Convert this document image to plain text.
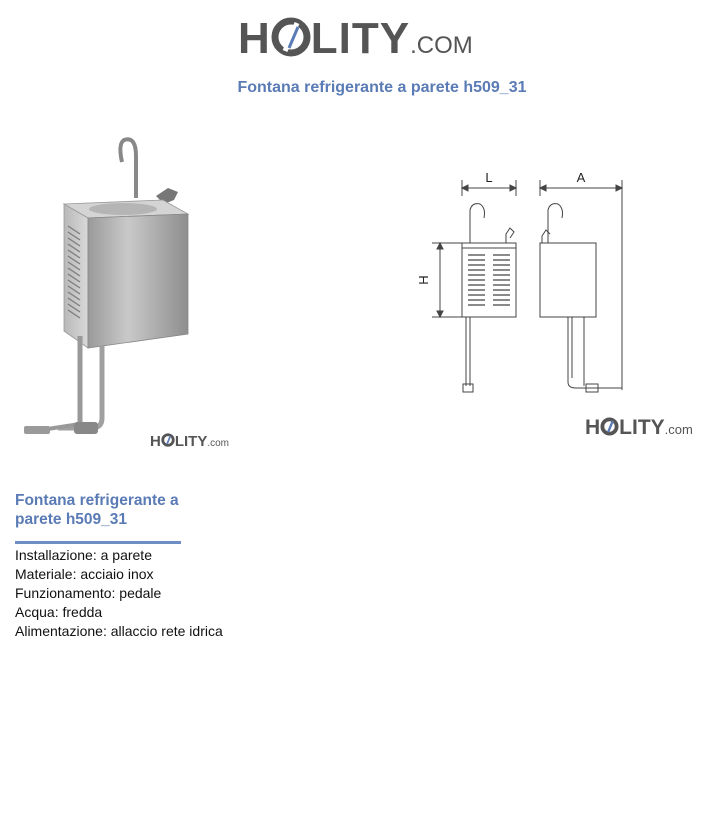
H LITY .COM
Fontana refrigerante a parete h509_31
H LITY .com
L	A
H
H LITY .com
Fontana refrigerante a parete h509_31
Installazione: a parete
Materiale: acciaio inox
Funzionamento: pedale
Acqua: fredda
Alimentazione: allaccio rete idrica
